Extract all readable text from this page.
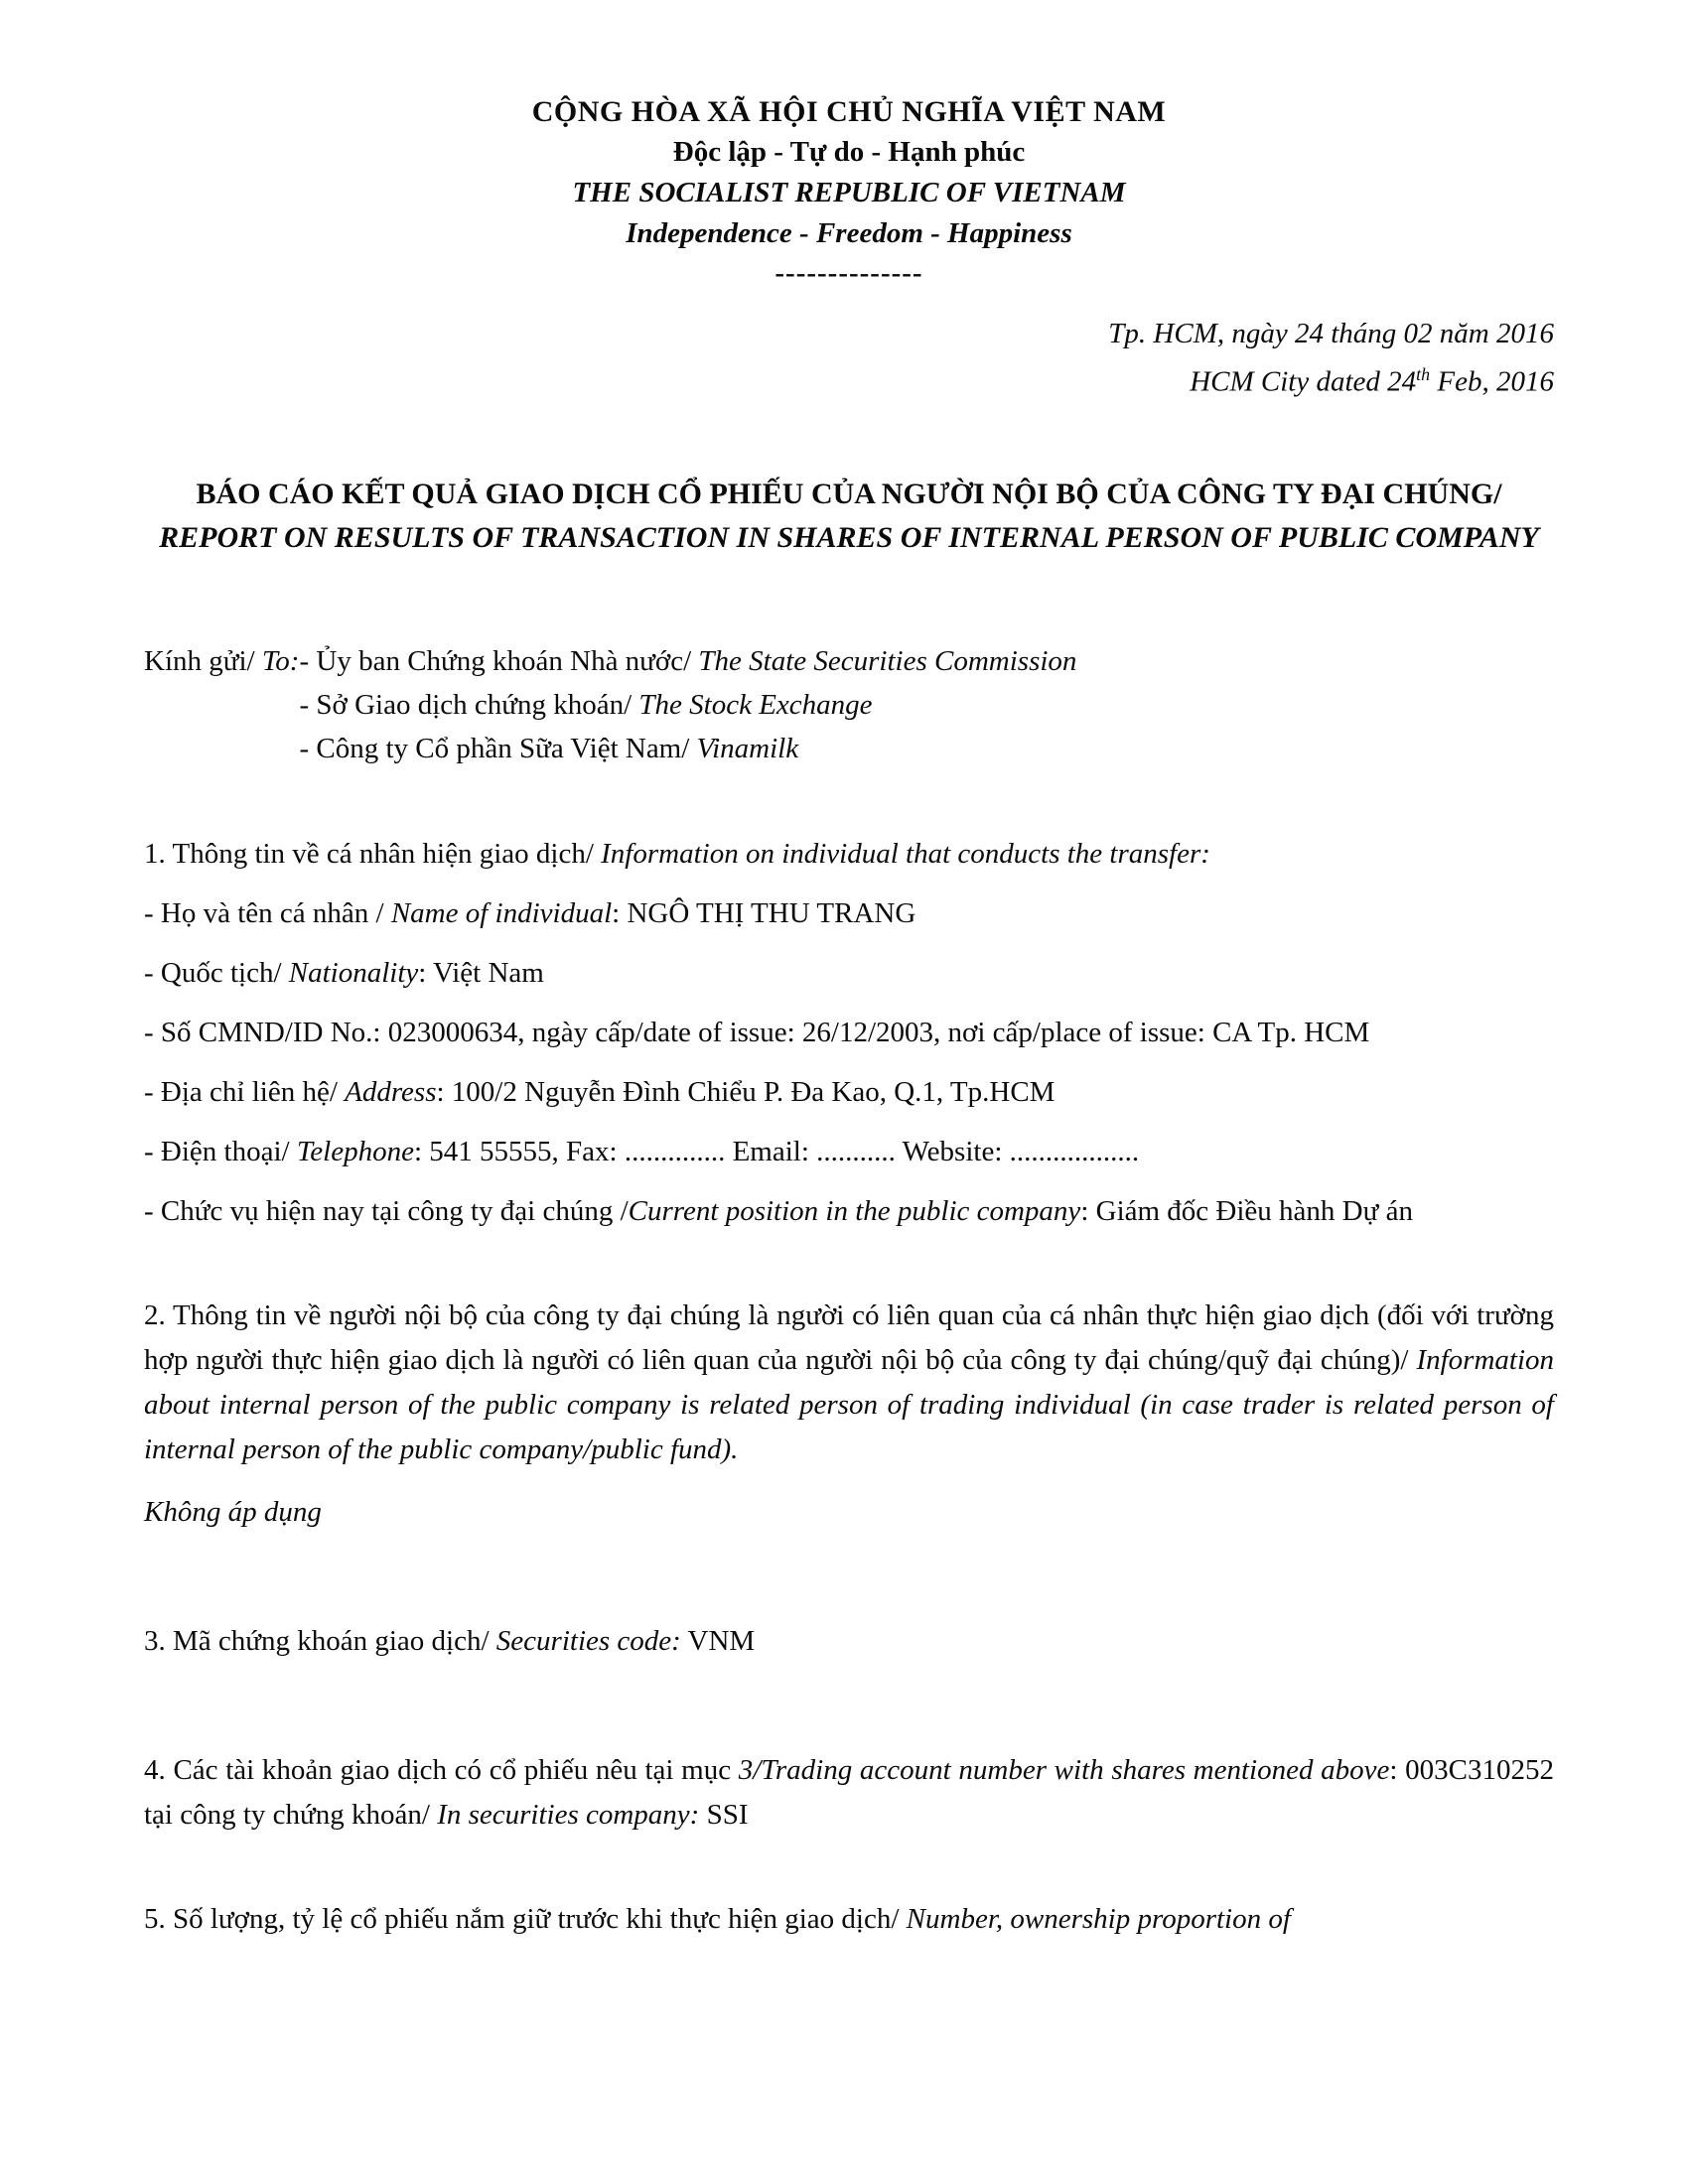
CỘNG HÒA XÃ HỘI CHỦ NGHĨA VIỆT NAM
Độc lập - Tự do - Hạnh phúc
THE SOCIALIST REPUBLIC OF VIETNAM
Independence - Freedom - Happiness
--------------
Tp. HCM, ngày 24 tháng 02 năm 2016
HCM City dated 24th Feb, 2016
BÁO CÁO KẾT QUẢ GIAO DỊCH CỔ PHIẾU CỦA NGƯỜI NỘI BỘ CỦA CÔNG TY ĐẠI CHÚNG/ REPORT ON RESULTS OF TRANSACTION IN SHARES OF INTERNAL PERSON OF PUBLIC COMPANY
Kính gửi/ To: - Ủy ban Chứng khoán Nhà nước/ The State Securities Commission
- Sở Giao dịch chứng khoán/ The Stock Exchange
- Công ty Cổ phần Sữa Việt Nam/ Vinamilk

1. Thông tin về cá nhân hiện giao dịch/ Information on individual that conducts the transfer:

- Họ và tên cá nhân / Name of individual: NGÔ THỊ THU TRANG

- Quốc tịch/ Nationality: Việt Nam

- Số CMND/ID No.: 023000634, ngày cấp/date of issue: 26/12/2003, nơi cấp/place of issue: CA Tp. HCM

- Địa chỉ liên hệ/ Address: 100/2 Nguyễn Đình Chiểu P. Đa Kao, Q.1, Tp.HCM

- Điện thoại/ Telephone: 541 55555, Fax: .............. Email: ........... Website: ..................

- Chức vụ hiện nay tại công ty đại chúng /Current position in the public company: Giám đốc Điều hành Dự án

2. Thông tin về người nội bộ của công ty đại chúng là người có liên quan của cá nhân thực hiện giao dịch (đối với trường hợp người thực hiện giao dịch là người có liên quan của người nội bộ của công ty đại chúng/quỹ đại chúng)/ Information about internal person of the public company is related person of trading individual (in case trader is related person of internal person of the public company/public fund).

Không áp dụng

3. Mã chứng khoán giao dịch/ Securities code: VNM

4. Các tài khoản giao dịch có cổ phiếu nêu tại mục 3/Trading account number with shares mentioned above: 003C310252 tại công ty chứng khoán/ In securities company: SSI

5. Số lượng, tỷ lệ cổ phiếu nắm giữ trước khi thực hiện giao dịch/ Number, ownership proportion of
